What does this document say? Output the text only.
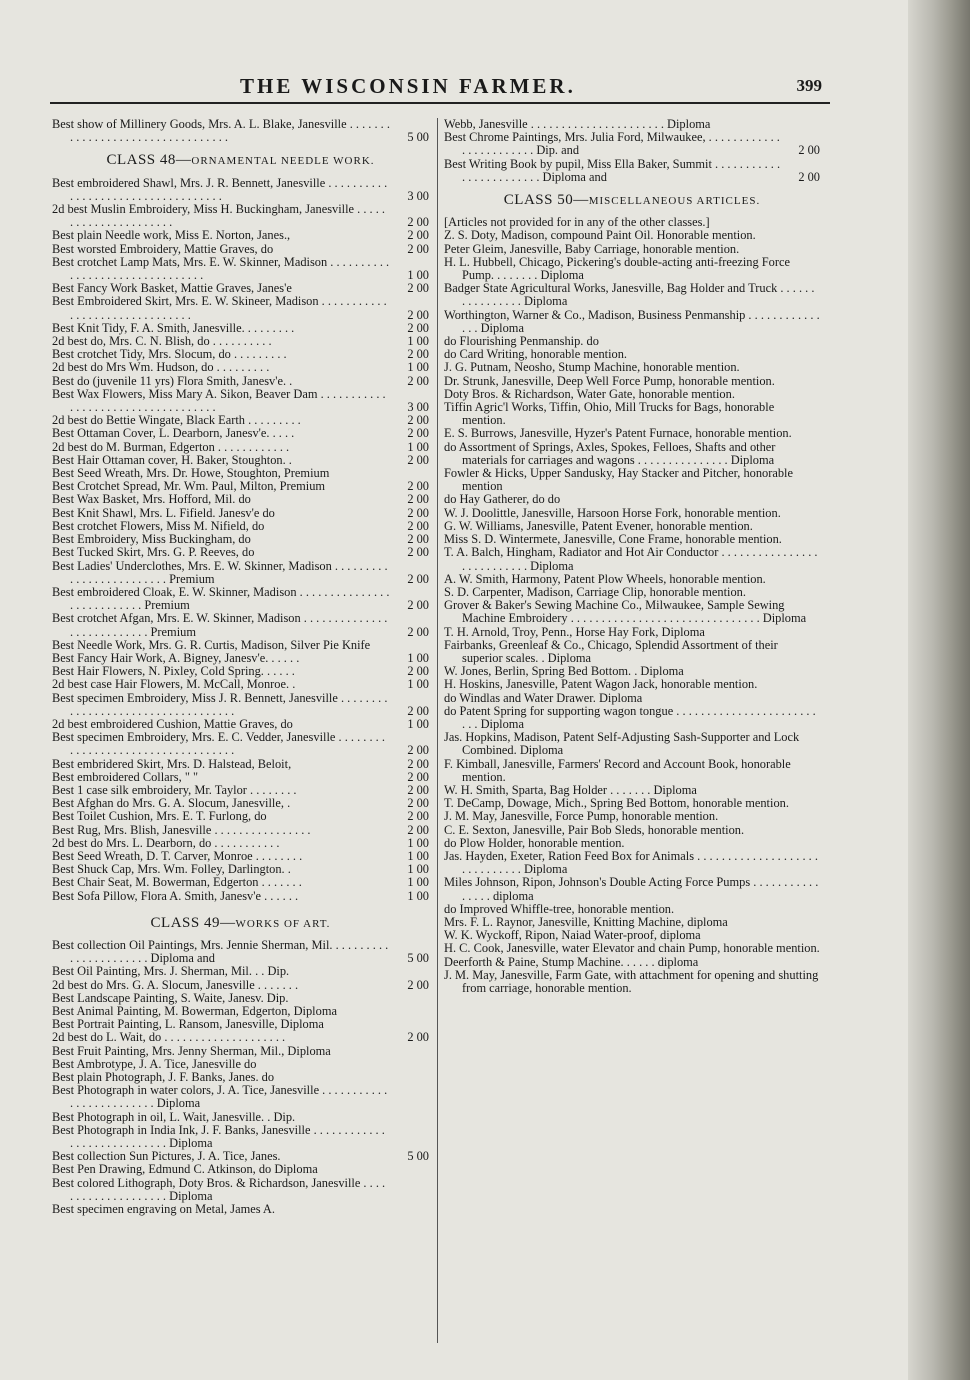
THE WISCONSIN FARMER.	399
Best show of Millinery Goods, Mrs. A. L. Blake, Janesville . . . . . . . . . . . . . . . . . . . . . . . . . . . . . . . . .	5 00
CLASS 48—ORNAMENTAL NEEDLE WORK.
Best embroidered Shawl, Mrs. J. R. Bennett, Janesville . . . . . . . . . . . . . . . . . . . . . . . . . . . . . . . . . . .	3 00
2d best Muslin Embroidery, Miss H. Buckingham, Janesville . . . . . . . . . . . . . . . . . . . . . .	2 00
Best plain Needle work, Miss E. Norton, Janes.,	2 00
Best worsted Embroidery, Mattie Graves, do	2 00
Best crotchet Lamp Mats, Mrs. E. W. Skinner, Madison . . . . . . . . . . . . . . . . . . . . . . . . . . . . . . . .	1 00
Best Fancy Work Basket, Mattie Graves, Janes'e	2 00
Best Embroidered Skirt, Mrs. E. W. Skineer, Madison . . . . . . . . . . . . . . . . . . . . . . . . . . . . . . .	2 00
Best Knit Tidy, F. A. Smith, Janesville. . . . . . . . .	2 00
2d best do, Mrs. C. N. Blish, do . . . . . . . . . .	1 00
Best crotchet Tidy, Mrs. Slocum, do . . . . . . . . .	2 00
2d best do Mrs Wm. Hudson, do . . . . . . . . .	1 00
Best do (juvenile 11 yrs) Flora Smith, Janesv'e. .	2 00
Best Wax Flowers, Miss Mary A. Sikon, Beaver Dam . . . . . . . . . . . . . . . . . . . . . . . . . . . . . . . . . . .	3 00
2d best do Bettie Wingate, Black Earth . . . . . . . . .	2 00
Best Ottaman Cover, L. Dearborn, Janesv'e. . . . .	2 00
2d best do M. Burman, Edgerton . . . . . . . . . . . .	1 00
Best Hair Ottaman cover, H. Baker, Stoughton. .	2 00
Best Seed Wreath, Mrs. Dr. Howe, Stoughton, Premium
Best Crotchet Spread, Mr. Wm. Paul, Milton, Premium	2 00
Best Wax Basket, Mrs. Hofford, Mil. do	2 00
Best Knit Shawl, Mrs. L. Fifield. Janesv'e do	2 00
Best crotchet Flowers, Miss M. Nifield, do	2 00
Best Embroidery, Miss Buckingham, do	2 00
Best Tucked Skirt, Mrs. G. P. Reeves, do	2 00
Best Ladies' Underclothes, Mrs. E. W. Skinner, Madison . . . . . . . . . . . . . . . . . . . . . . . . . Premium	2 00
Best embroidered Cloak, E. W. Skinner, Madison . . . . . . . . . . . . . . . . . . . . . . . . . . . Premium	2 00
Best crotchet Afgan, Mrs. E. W. Skinner, Madison . . . . . . . . . . . . . . . . . . . . . . . . . . . Premium	2 00
Best Needle Work, Mrs. G. R. Curtis, Madison, Silver Pie Knife
Best Fancy Hair Work, A. Bigney, Janesv'e. . . . . .	1 00
Best Hair Flowers, N. Pixley, Cold Spring. . . . . .	2 00
2d best case Hair Flowers, M. McCall, Monroe. .	1 00
Best specimen Embroidery, Miss J. R. Bennett, Janesville . . . . . . . . . . . . . . . . . . . . . . . . . . . . . . . . . . .	2 00
2d best embroidered Cushion, Mattie Graves, do	1 00
Best specimen Embroidery, Mrs. E. C. Vedder, Janesville . . . . . . . . . . . . . . . . . . . . . . . . . . . . . . . . . . .	2 00
Best embridered Skirt, Mrs. D. Halstead, Beloit,	2 00
Best embroidered Collars, " "	2 00
Best 1 case silk embroidery, Mr. Taylor . . . . . . . .	2 00
Best Afghan do Mrs. G. A. Slocum, Janesville, .	2 00
Best Toilet Cushion, Mrs. E. T. Furlong, do	2 00
Best Rug, Mrs. Blish, Janesville . . . . . . . . . . . . . . . .	2 00
2d best do Mrs. L. Dearborn, do . . . . . . . . . . .	1 00
Best Seed Wreath, D. T. Carver, Monroe . . . . . . . .	1 00
Best Shuck Cap, Mrs. Wm. Folley, Darlington. .	1 00
Best Chair Seat, M. Bowerman, Edgerton . . . . . . .	1 00
Best Sofa Pillow, Flora A. Smith, Janesv'e . . . . . .	1 00
CLASS 49—WORKS OF ART.
Best collection Oil Paintings, Mrs. Jennie Sherman, Mil. . . . . . . . . . . . . . . . . . . . . . . Diploma and	5 00
Best Oil Painting, Mrs. J. Sherman, Mil. . . Dip.
2d best do Mrs. G. A. Slocum, Janesville . . . . . . .	2 00
Best Landscape Painting, S. Waite, Janesv. Dip.
Best Animal Painting, M. Bowerman, Edgerton, Diploma
Best Portrait Painting, L. Ransom, Janesville, Diploma
2d best do L. Wait, do . . . . . . . . . . . . . . . . . . . .	2 00
Best Fruit Painting, Mrs. Jenny Sherman, Mil., Diploma
Best Ambrotype, J. A. Tice, Janesville do
Best plain Photograph, J. F. Banks, Janes. do
Best Photograph in water colors, J. A. Tice, Janesville . . . . . . . . . . . . . . . . . . . . . . . . . Diploma
Best Photograph in oil, L. Wait, Janesville. . Dip.
Best Photograph in India Ink, J. F. Banks, Janesville . . . . . . . . . . . . . . . . . . . . . . . . . . . . Diploma
Best collection Sun Pictures, J. A. Tice, Janes.	5 00
Best Pen Drawing, Edmund C. Atkinson, do Diploma
Best colored Lithograph, Doty Bros. & Richardson, Janesville . . . . . . . . . . . . . . . . . . . . Diploma
Best specimen engraving on Metal, James A.
Webb, Janesville . . . . . . . . . . . . . . . . . . . . . . Diploma
Best Chrome Paintings, Mrs. Julia Ford, Milwaukee, . . . . . . . . . . . . . . . . . . . . . . . . Dip. and	2 00
Best Writing Book by pupil, Miss Ella Baker, Summit . . . . . . . . . . . . . . . . . . . . . . . . Diploma and	2 00
CLASS 50—MISCELLANEOUS ARTICLES.
[Articles not provided for in any of the other classes.]
Z. S. Doty, Madison, compound Paint Oil. Honorable mention.
Peter Gleim, Janesville, Baby Carriage, honorable mention.
H. L. Hubbell, Chicago, Pickering's double-acting anti-freezing Force Pump. . . . . . . . Diploma
Badger State Agricultural Works, Janesville, Bag Holder and Truck . . . . . . . . . . . . . . . . Diploma
Worthington, Warner & Co., Madison, Business Penmanship . . . . . . . . . . . . . . . Diploma
do Flourishing Penmanship. do
do Card Writing, honorable mention.
J. G. Putnam, Neosho, Stump Machine, honorable mention.
Dr. Strunk, Janesville, Deep Well Force Pump, honorable mention.
Doty Bros. & Richardson, Water Gate, honorable mention.
Tiffin Agric'l Works, Tiffin, Ohio, Mill Trucks for Bags, honorable mention.
E. S. Burrows, Janesville, Hyzer's Patent Furnace, honorable mention.
do Assortment of Springs, Axles, Spokes, Felloes, Shafts and other materials for carriages and wagons . . . . . . . . . . . . . . . Diploma
Fowler & Hicks, Upper Sandusky, Hay Stacker and Pitcher, honorable mention
do Hay Gatherer, do do
W. J. Doolittle, Janesville, Harsoon Horse Fork, honorable mention.
G. W. Williams, Janesville, Patent Evener, honorable mention.
Miss S. D. Wintermete, Janesville, Cone Frame, honorable mention.
T. A. Balch, Hingham, Radiator and Hot Air Conductor . . . . . . . . . . . . . . . . . . . . . . . . . . . Diploma
A. W. Smith, Harmony, Patent Plow Wheels, honorable mention.
S. D. Carpenter, Madison, Carriage Clip, honorable mention.
Grover & Baker's Sewing Machine Co., Milwaukee, Sample Sewing Machine Embroidery . . . . . . . . . . . . . . . . . . . . . . . . . . . . . . . Diploma
T. H. Arnold, Troy, Penn., Horse Hay Fork, Diploma
Fairbanks, Greenleaf & Co., Chicago, Splendid Assortment of their superior scales. . Diploma
W. Jones, Berlin, Spring Bed Bottom. . Diploma
H. Hoskins, Janesville, Patent Wagon Jack, honorable mention.
do Windlas and Water Drawer. Diploma
do Patent Spring for supporting wagon tongue . . . . . . . . . . . . . . . . . . . . . . . . . . Diploma
Jas. Hopkins, Madison, Patent Self-Adjusting Sash-Supporter and Lock Combined. Diploma
F. Kimball, Janesville, Farmers' Record and Account Book, honorable mention.
W. H. Smith, Sparta, Bag Holder . . . . . . . Diploma
T. DeCamp, Dowage, Mich., Spring Bed Bottom, honorable mention.
J. M. May, Janesville, Force Pump, honorable mention.
C. E. Sexton, Janesville, Pair Bob Sleds, honorable mention.
do Plow Holder, honorable mention.
Jas. Hayden, Exeter, Ration Feed Box for Animals . . . . . . . . . . . . . . . . . . . . . . . . . . . . . . Diploma
Miles Johnson, Ripon, Johnson's Double Acting Force Pumps . . . . . . . . . . . . . . . . diploma
do Improved Whiffle-tree, honorable mention.
Mrs. F. L. Raynor, Janesville, Knitting Machine, diploma
W. K. Wyckoff, Ripon, Naiad Water-proof, diploma
H. C. Cook, Janesville, water Elevator and chain Pump, honorable mention.
Deerforth & Paine, Stump Machine. . . . . . diploma
J. M. May, Janesville, Farm Gate, with attachment for opening and shutting from carriage, honorable mention.
